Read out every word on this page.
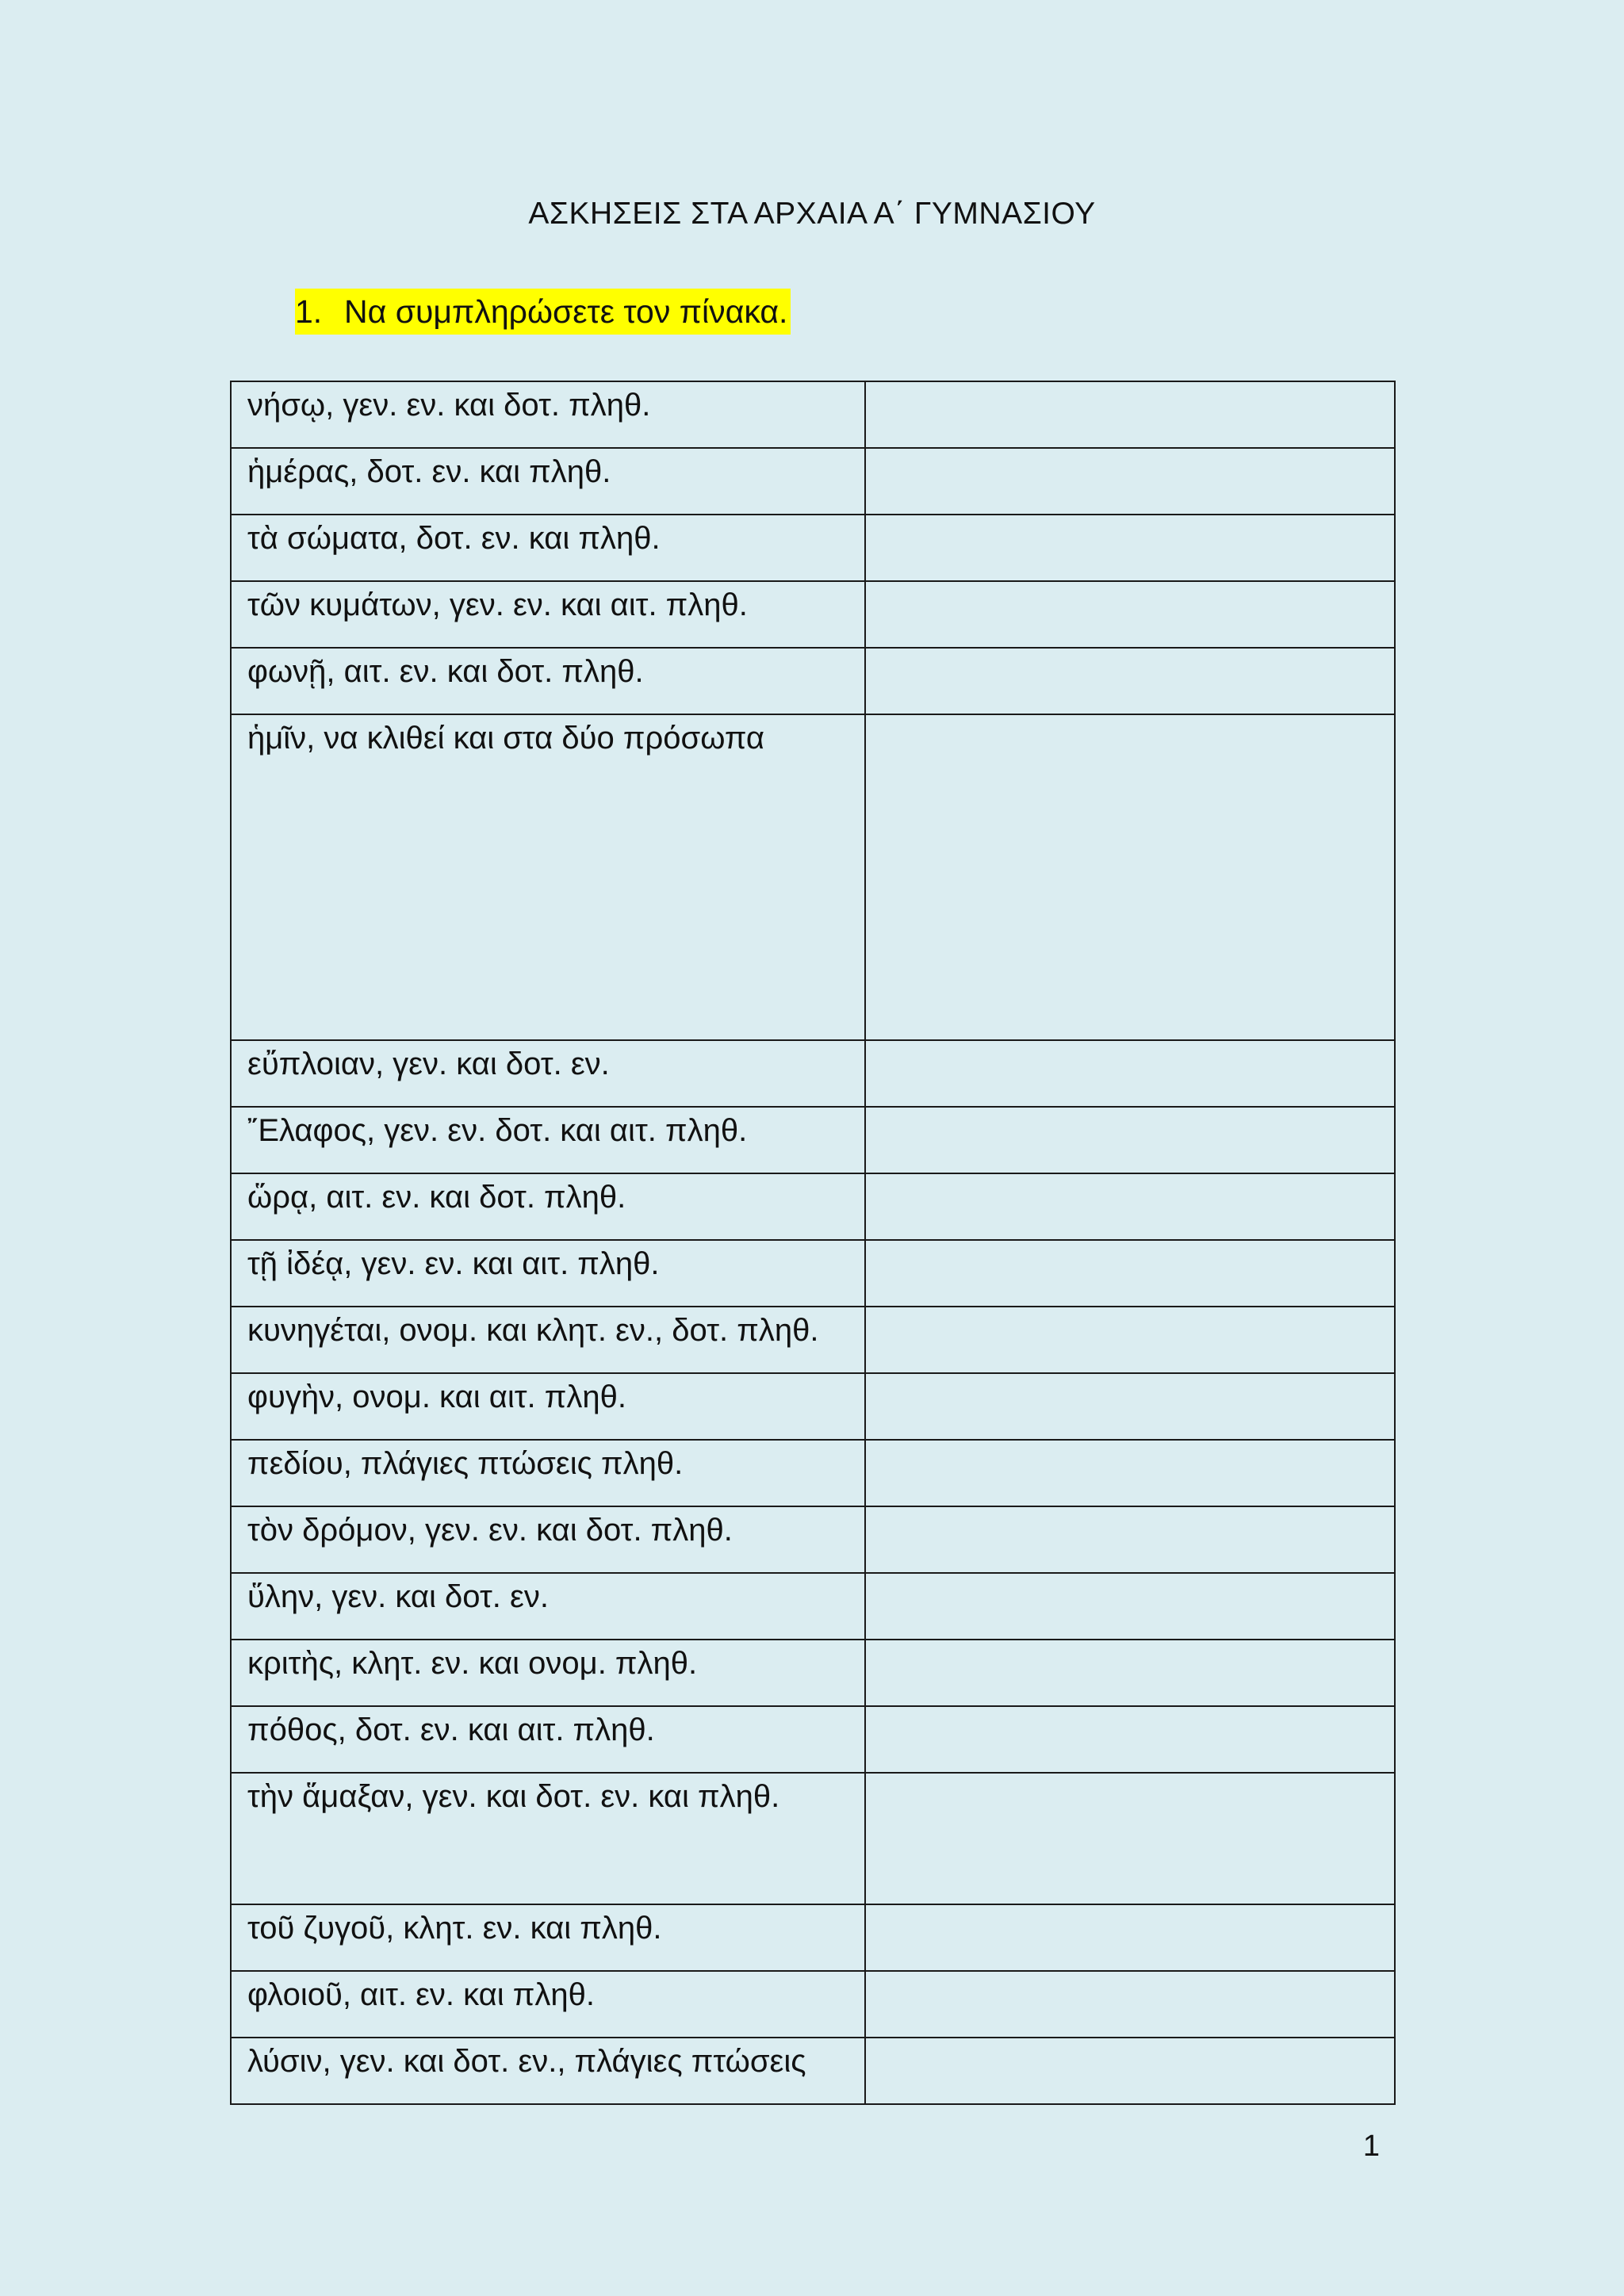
ΑΣΚΗΣΕΙΣ ΣΤΑ ΑΡΧΑΙΑ Α΄ ΓΥΜΝΑΣΙΟΥ
1. Να συμπληρώσετε τον πίνακα.
νήσῳ, γεν. εν. και δοτ. πληθ.	
ἡμέρας, δοτ. εν. και πληθ.	
τὰ σώματα, δοτ. εν. και πληθ.	
τῶν κυμάτων, γεν. εν. και αιτ. πληθ.	
φωνῇ, αιτ. εν. και δοτ. πληθ.	
ἡμῖν, να κλιθεί και στα δύο πρόσωπα	
εὔπλοιαν, γεν. και δοτ. εν.	
῎Ελαφος, γεν. εν. δοτ. και αιτ. πληθ.	
ὥρᾳ, αιτ. εν. και δοτ. πληθ.	
τῇ ἰδέᾳ, γεν. εν. και αιτ. πληθ.	
κυνηγέται, ονομ. και κλητ. εν., δοτ. πληθ.	
φυγὴν, ονομ. και αιτ. πληθ.	
πεδίου, πλάγιες πτώσεις πληθ.	
τὸν δρόμον, γεν. εν. και δοτ. πληθ.	
ὕλην, γεν. και δοτ. εν.	
κριτὴς, κλητ. εν. και ονομ. πληθ.	
πόθος, δοτ. εν. και αιτ. πληθ.	
τὴν ἅμαξαν, γεν. και δοτ. εν. και πληθ.	
τοῦ ζυγοῦ, κλητ. εν. και πληθ.	
φλοιοῦ, αιτ. εν. και πληθ.	
λύσιν, γεν. και δοτ. εν., πλάγιες πτώσεις	
1
